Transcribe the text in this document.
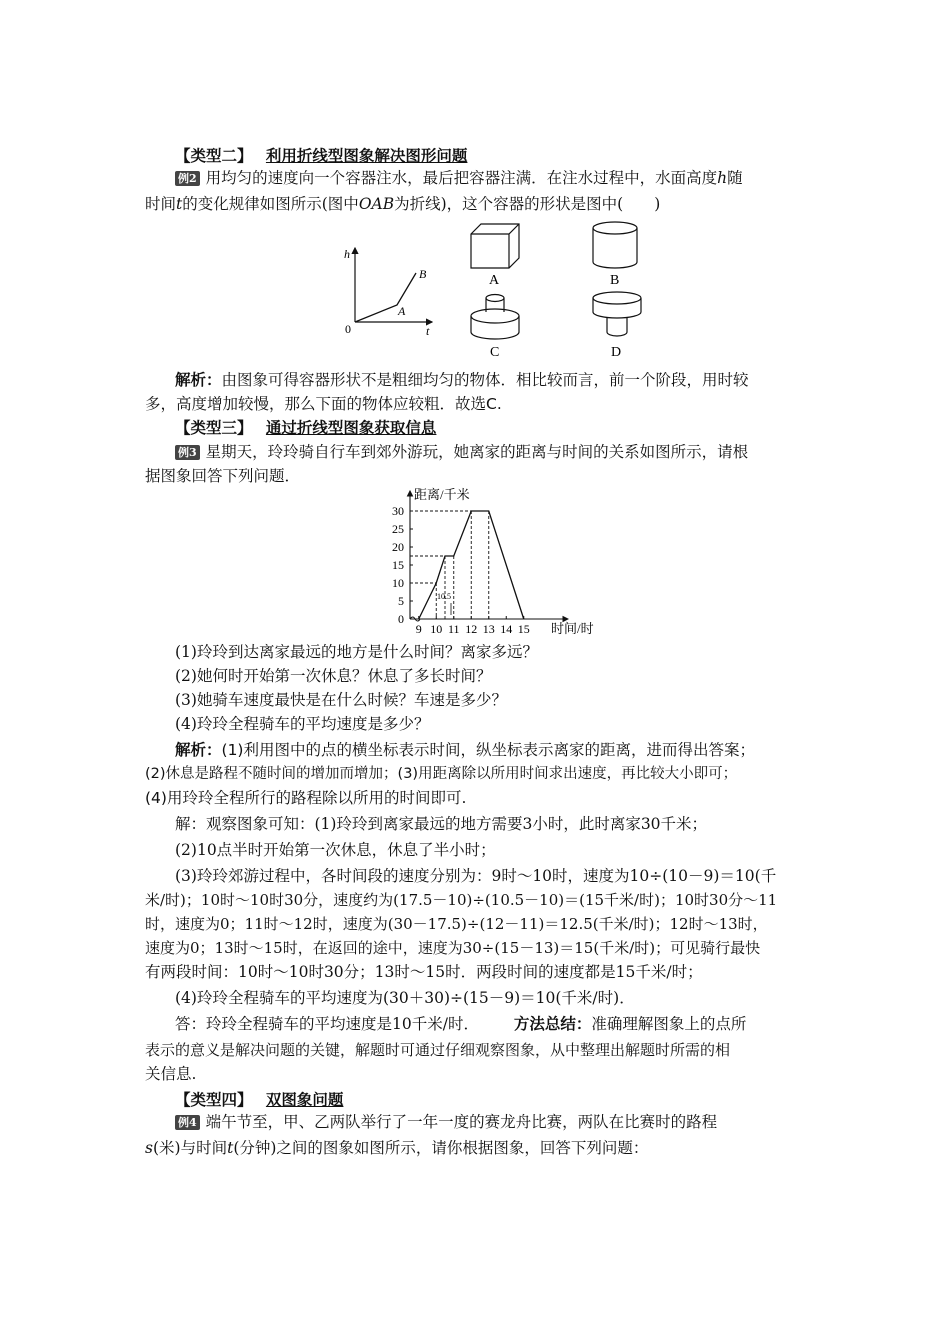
【类型二】 利用折线型图象解决图形问题
例2 用均匀的速度向一个容器注水，最后把容器注满．在注水过程中，水面高度h随
时间t的变化规律如图所示(图中OAB为折线)，这个容器的形状是图中(　　)
h
t
0
A
B	A	B
C	D
解析：由图象可得容器形状不是粗细均匀的物体．相比较而言，前一个阶段，用时较
多，高度增加较慢，那么下面的物体应较粗．故选C.
【类型三】 通过折线型图象获取信息
例3 星期天，玲玲骑自行车到郊外游玩，她离家的距离与时间的关系如图所示，请根
据图象回答下列问题．
0
5
10
15
20
25
30
9 10 11 12 13 14 15
10.5
距离/千米
时间/时
(1)玲玲到达离家最远的地方是什么时间？离家多远？
(2)她何时开始第一次休息？休息了多长时间？
(3)她骑车速度最快是在什么时候？车速是多少？
(4)玲玲全程骑车的平均速度是多少？
解析：(1)利用图中的点的横坐标表示时间，纵坐标表示离家的距离，进而得出答案；
(2)休息是路程不随时间的增加而增加；(3)用距离除以所用时间求出速度，再比较大小即可；
(4)用玲玲全程所行的路程除以所用的时间即可.
解：观察图象可知：(1)玲玲到离家最远的地方需要3小时，此时离家30千米；
(2)10点半时开始第一次休息，休息了半小时；
(3)玲玲郊游过程中，各时间段的速度分别为：9时～10时，速度为10÷(10－9)＝10(千
米/时)；10时～10时30分，速度约为(17.5－10)÷(10.5－10)＝(15千米/时)；10时30分～11
时，速度为0；11时～12时，速度为(30－17.5)÷(12－11)＝12.5(千米/时)；12时～13时，
速度为0；13时～15时，在返回的途中，速度为30÷(15－13)＝15(千米/时)；可见骑行最快
有两段时间：10时～10时30分；13时～15时．两段时间的速度都是15千米/时；
(4)玲玲全程骑车的平均速度为(30＋30)÷(15－9)＝10(千米/时)．
答：玲玲全程骑车的平均速度是10千米/时． 方法总结：准确理解图象上的点所
表示的意义是解决问题的关键，解题时可通过仔细观察图象，从中整理出解题时所需的相
关信息.
【类型四】 双图象问题
例4 端午节至，甲、乙两队举行了一年一度的赛龙舟比赛，两队在比赛时的路程
s(米)与时间t(分钟)之间的图象如图所示，请你根据图象，回答下列问题：
